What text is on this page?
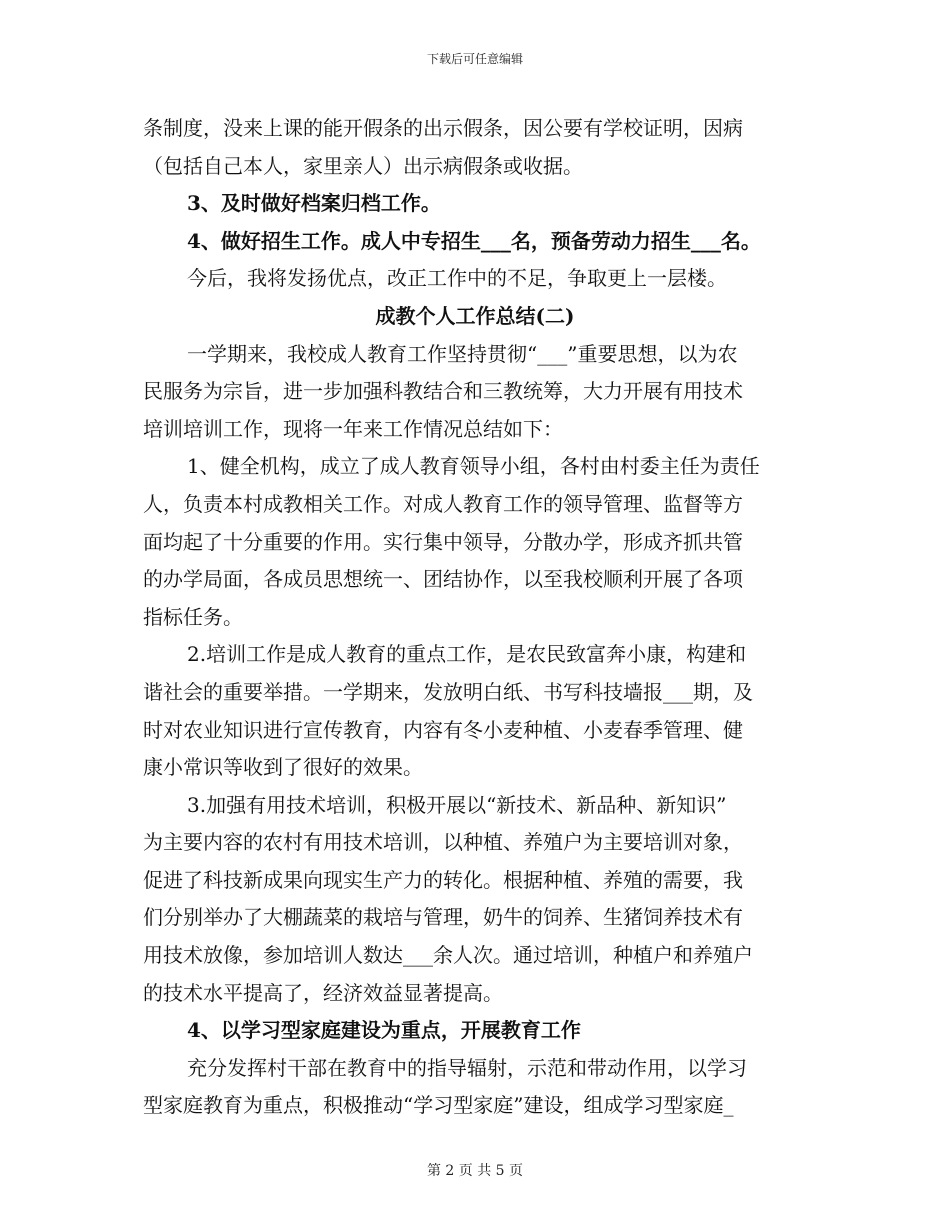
下载后可任意编辑
条制度，没来上课的能开假条的出示假条，因公要有学校证明，因病
（包括自己本人，家里亲人）出示病假条或收据。
3、及时做好档案归档工作。
4、做好招生工作。成人中专招生___名，预备劳动力招生___名。
今后，我将发扬优点，改正工作中的不足，争取更上一层楼。
成教个人工作总结(二)
一学期来，我校成人教育工作坚持贯彻“___”重要思想，以为农
民服务为宗旨，进一步加强科教结合和三教统筹，大力开展有用技术
培训培训工作，现将一年来工作情况总结如下：
1、健全机构，成立了成人教育领导小组，各村由村委主任为责任
人，负责本村成教相关工作。对成人教育工作的领导管理、监督等方
面均起了十分重要的作用。实行集中领导，分散办学，形成齐抓共管
的办学局面，各成员思想统一、团结协作，以至我校顺利开展了各项
指标任务。
2.培训工作是成人教育的重点工作，是农民致富奔小康，构建和
谐社会的重要举措。一学期来，发放明白纸、书写科技墙报___期，及
时对农业知识进行宣传教育，内容有冬小麦种植、小麦春季管理、健
康小常识等收到了很好的效果。
3.加强有用技术培训，积极开展以“新技术、新品种、新知识”
为主要内容的农村有用技术培训，以种植、养殖户为主要培训对象，
促进了科技新成果向现实生产力的转化。根据种植、养殖的需要，我
们分别举办了大棚蔬菜的栽培与管理，奶牛的饲养、生猪饲养技术有
用技术放像，参加培训人数达___余人次。通过培训，种植户和养殖户
的技术水平提高了，经济效益显著提高。
4、以学习型家庭建设为重点，开展教育工作
充分发挥村干部在教育中的指导辐射，示范和带动作用，以学习
型家庭教育为重点，积极推动“学习型家庭”建设，组成学习型家庭_
第 2 页 共 5 页
